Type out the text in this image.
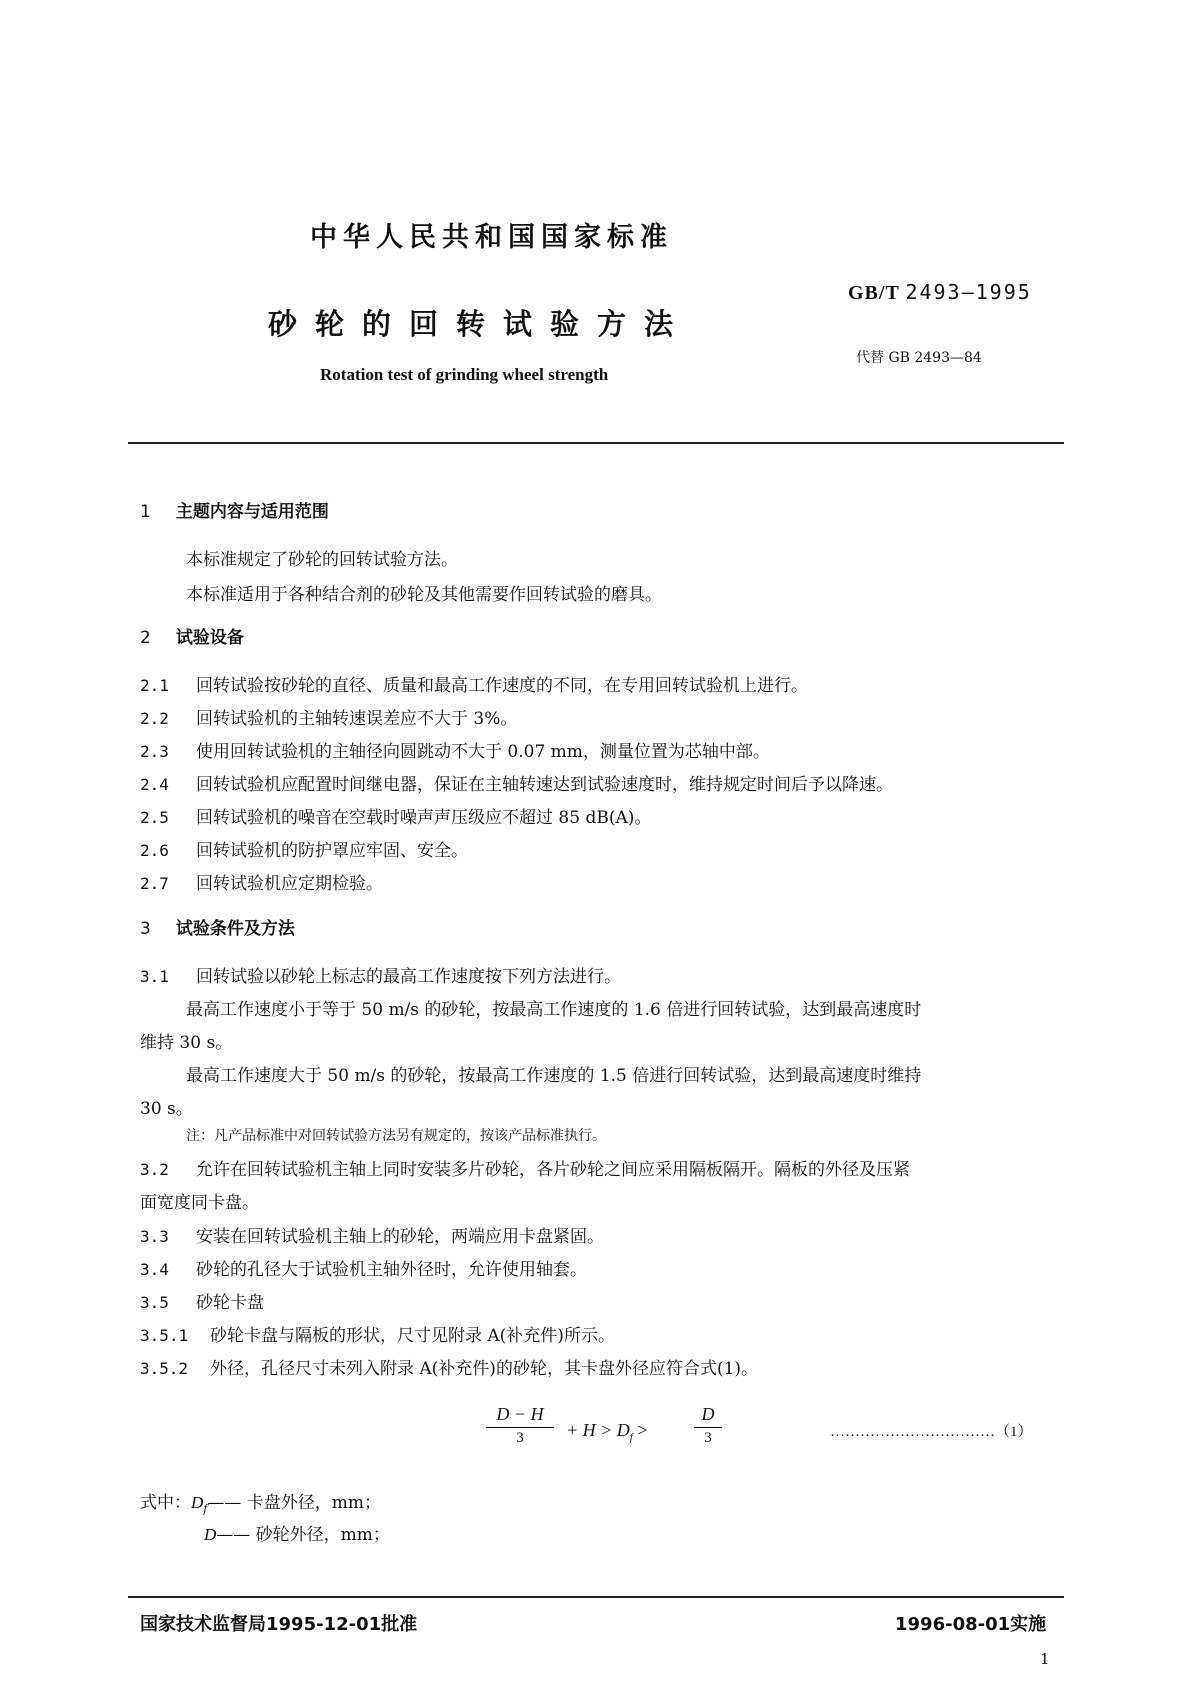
中华人民共和国国家标准
砂轮的回转试验方法
Rotation test of grinding wheel strength
GB/T 2493—1995
代替 GB 2493—84
1 主题内容与适用范围
本标准规定了砂轮的回转试验方法。
本标准适用于各种结合剂的砂轮及其他需要作回转试验的磨具。
2 试验设备
2.1 回转试验按砂轮的直径、质量和最高工作速度的不同，在专用回转试验机上进行。
2.2 回转试验机的主轴转速误差应不大于 3%。
2.3 使用回转试验机的主轴径向圆跳动不大于 0.07 mm，测量位置为芯轴中部。
2.4 回转试验机应配置时间继电器，保证在主轴转速达到试验速度时，维持规定时间后予以降速。
2.5 回转试验机的噪音在空载时噪声声压级应不超过 85 dB(A)。
2.6 回转试验机的防护罩应牢固、安全。
2.7 回转试验机应定期检验。
3 试验条件及方法
3.1 回转试验以砂轮上标志的最高工作速度按下列方法进行。
最高工作速度小于等于 50 m/s 的砂轮，按最高工作速度的 1.6 倍进行回转试验，达到最高速度时
维持 30 s。
最高工作速度大于 50 m/s 的砂轮，按最高工作速度的 1.5 倍进行回转试验，达到最高速度时维持
30 s。
注：凡产品标准中对回转试验方法另有规定的，按该产品标准执行。
3.2 允许在回转试验机主轴上同时安装多片砂轮，各片砂轮之间应采用隔板隔开。隔板的外径及压紧
面宽度同卡盘。
3.3 安装在回转试验机主轴上的砂轮，两端应用卡盘紧固。
3.4 砂轮的孔径大于试验机主轴外径时，允许使用轴套。
3.5 砂轮卡盘
3.5.1 砂轮卡盘与隔板的形状，尺寸见附录 A(补充件)所示。
3.5.2 外径，孔径尺寸未列入附录 A(补充件)的砂轮，其卡盘外径应符合式(1)。
D − H
3	+ $H > D_f$ >
D
3	……………………………（1）
式中：$D_f——$ 卡盘外径，mm；
D—— 砂轮外径，mm；
国家技术监督局1995-12-01批准	1996-08-01实施
1
